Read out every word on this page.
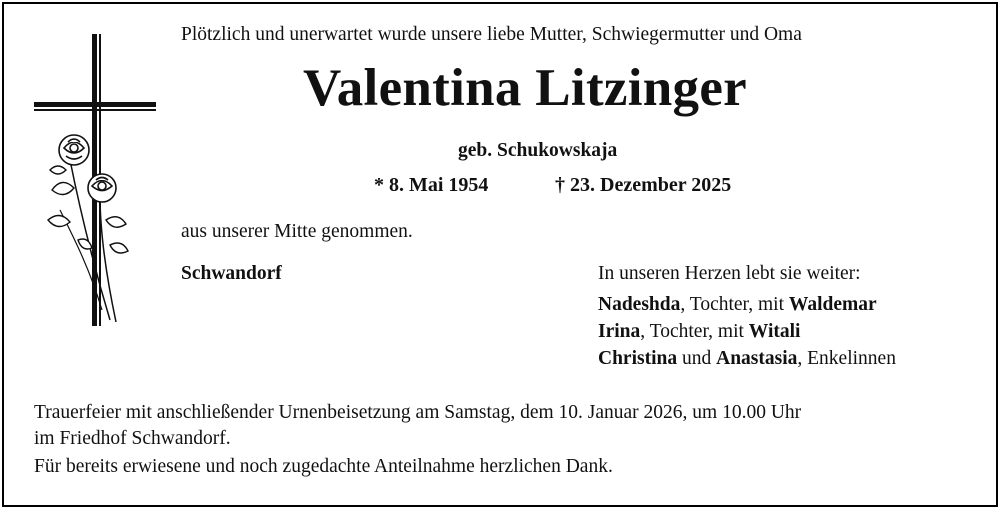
Plötzlich und unerwartet wurde unsere liebe Mutter, Schwiegermutter und Oma
Valentina Litzinger
geb. Schukowskaja
* 8. Mai 1954	† 23. Dezember 2025
aus unserer Mitte genommen.
Schwandorf	In unseren Herzen lebt sie weiter:
Nadeshda, Tochter, mit Waldemar
Irina, Tochter, mit Witali
Christina und Anastasia, Enkelinnen
Trauerfeier mit anschließender Urnenbeisetzung am Samstag, dem 10. Januar 2026, um 10.00 Uhr
im Friedhof Schwandorf.
Für bereits erwiesene und noch zugedachte Anteilnahme herzlichen Dank.
